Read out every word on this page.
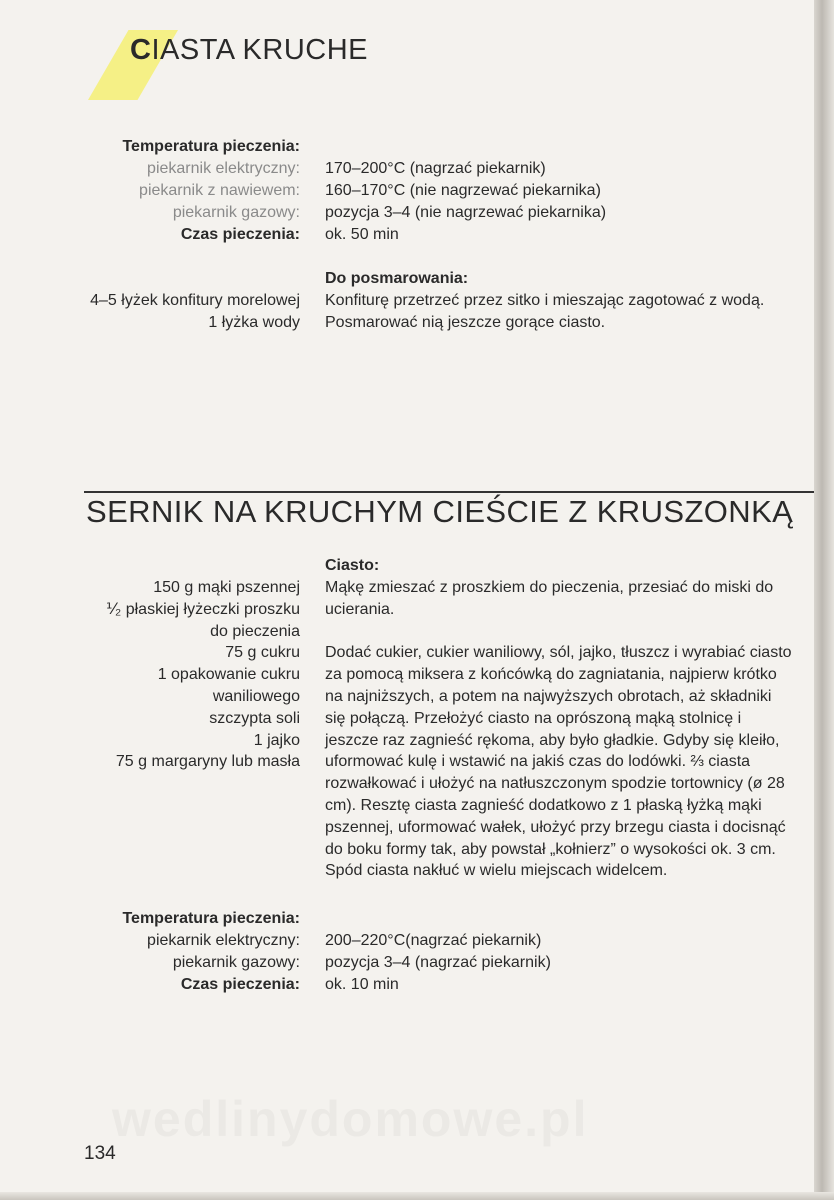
CIASTA KRUCHE
Temperatura pieczenia:
piekarnik elektryczny: 170–200°C (nagrzać piekarnik)
piekarnik z nawiewem: 160–170°C (nie nagrzewać piekarnika)
piekarnik gazowy: pozycja 3–4 (nie nagrzewać piekarnika)
Czas pieczenia: ok. 50 min
Do posmarowania:
4–5 łyżek konfitury morelowej Konfiturę przetrzeć przez sitko i mieszając zagotować z wodą.
1 łyżka wody Posmarować nią jeszcze gorące ciasto.
SERNIK NA KRUCHYM CIEŚCIE Z KRUSZONKĄ
Ciasto:
150 g mąki pszennej
⅟₂ płaskiej łyżeczki proszku
do pieczenia
75 g cukru
1 opakowanie cukru
waniliowego
szczypta soli
1 jajko
75 g margaryny lub masła

Mąkę zmieszać z proszkiem do pieczenia, przesiać do miski do ucierania.

Dodać cukier, cukier waniliowy, sól, jajko, tłuszcz i wyrabiać ciasto za pomocą miksera z końcówką do zagniatania, najpierw krótko na najniższych, a potem na najwyższych obrotach, aż składniki się połączą. Przełożyć ciasto na oprószoną mąką stolnicę i jeszcze raz zagnieść rękoma, aby było gładkie. Gdyby się kleiło, uformować kulę i wstawić na jakiś czas do lodówki. ⅔ ciasta rozwałkować i ułożyć na natłuszczonym spodzie tortownicy (ø 28 cm). Resztę ciasta zagnieść dodatkowo z 1 płaską łyżką mąki pszennej, uformować wałek, ułożyć przy brzegu ciasta i docisnąć do boku formy tak, aby powstał „kołnierz” o wysokości ok. 3 cm. Spód ciasta nakłuć w wielu miejscach widelcem.

Temperatura pieczenia:
piekarnik elektryczny: 200–220°C(nagrzać piekarnik)
piekarnik gazowy: pozycja 3–4 (nagrzać piekarnik)
Czas pieczenia: ok. 10 min
wedlinydomowe.pl
134
